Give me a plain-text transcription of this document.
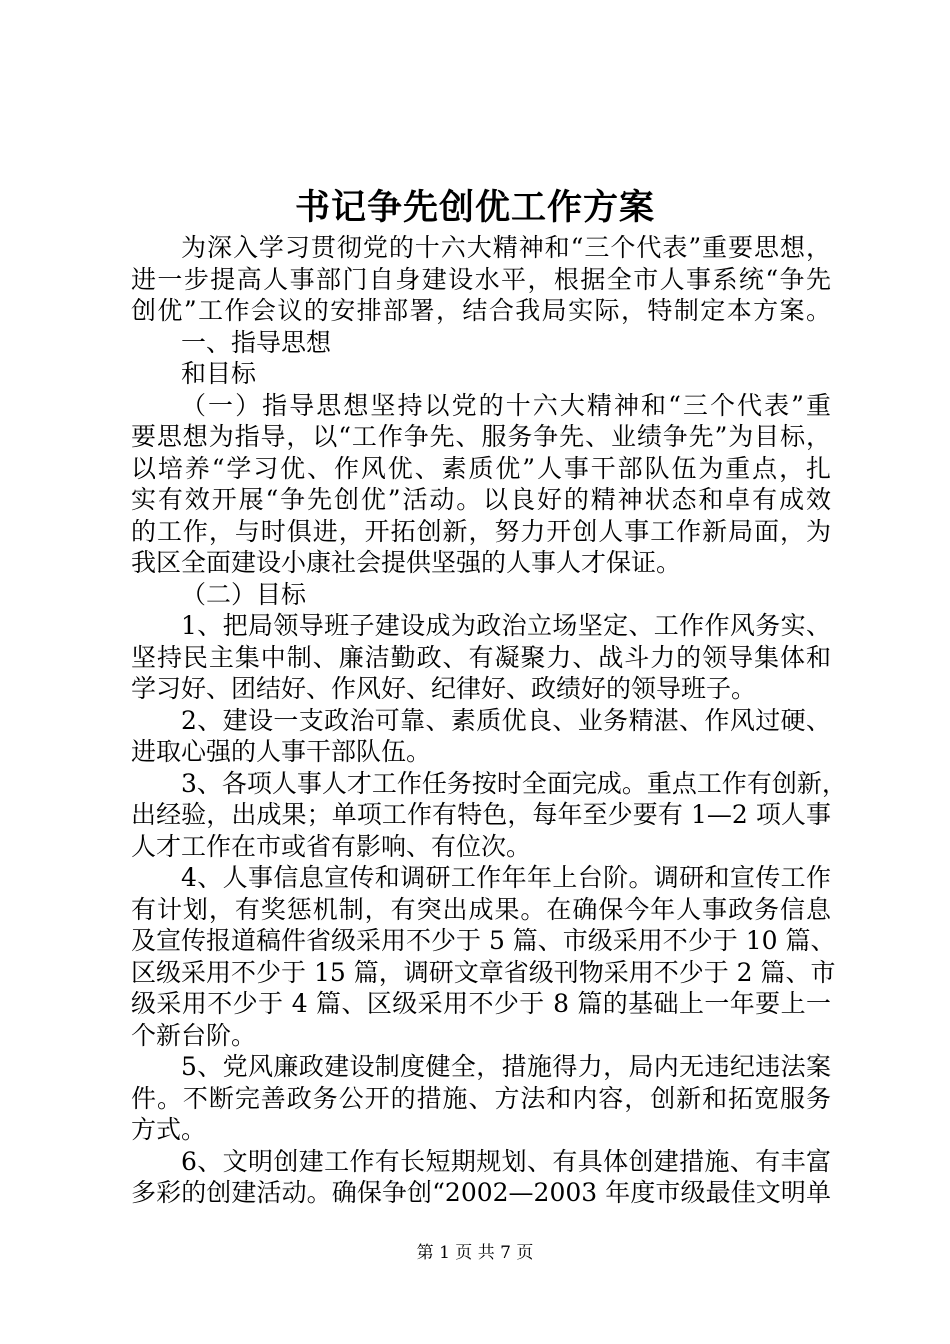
书记争先创优工作方案
为深入学习贯彻党的十六大精神和“三个代表”重要思想，
进一步提高人事部门自身建设水平，根据全市人事系统“争先
创优”工作会议的安排部署，结合我局实际，特制定本方案。
一、指导思想
和目标
（一）指导思想坚持以党的十六大精神和“三个代表”重
要思想为指导，以“工作争先、服务争先、业绩争先”为目标，
以培养“学习优、作风优、素质优”人事干部队伍为重点，扎
实有效开展“争先创优”活动。以良好的精神状态和卓有成效
的工作，与时俱进，开拓创新，努力开创人事工作新局面，为
我区全面建设小康社会提供坚强的人事人才保证。
（二）目标
1、把局领导班子建设成为政治立场坚定、工作作风务实、
坚持民主集中制、廉洁勤政、有凝聚力、战斗力的领导集体和
学习好、团结好、作风好、纪律好、政绩好的领导班子。
2、建设一支政治可靠、素质优良、业务精湛、作风过硬、
进取心强的人事干部队伍。
3、各项人事人才工作任务按时全面完成。重点工作有创新，
出经验，出成果；单项工作有特色，每年至少要有 1—2 项人事
人才工作在市或省有影响、有位次。
4、人事信息宣传和调研工作年年上台阶。调研和宣传工作
有计划，有奖惩机制，有突出成果。在确保今年人事政务信息
及宣传报道稿件省级采用不少于 5 篇、市级采用不少于 10 篇、
区级采用不少于 15 篇，调研文章省级刊物采用不少于 2 篇、市
级采用不少于 4 篇、区级采用不少于 8 篇的基础上一年要上一
个新台阶。
5、党风廉政建设制度健全，措施得力，局内无违纪违法案
件。不断完善政务公开的措施、方法和内容，创新和拓宽服务
方式。
6、文明创建工作有长短期规划、有具体创建措施、有丰富
多彩的创建活动。确保争创“2002—2003 年度市级最佳文明单
第 1 页 共 7 页
